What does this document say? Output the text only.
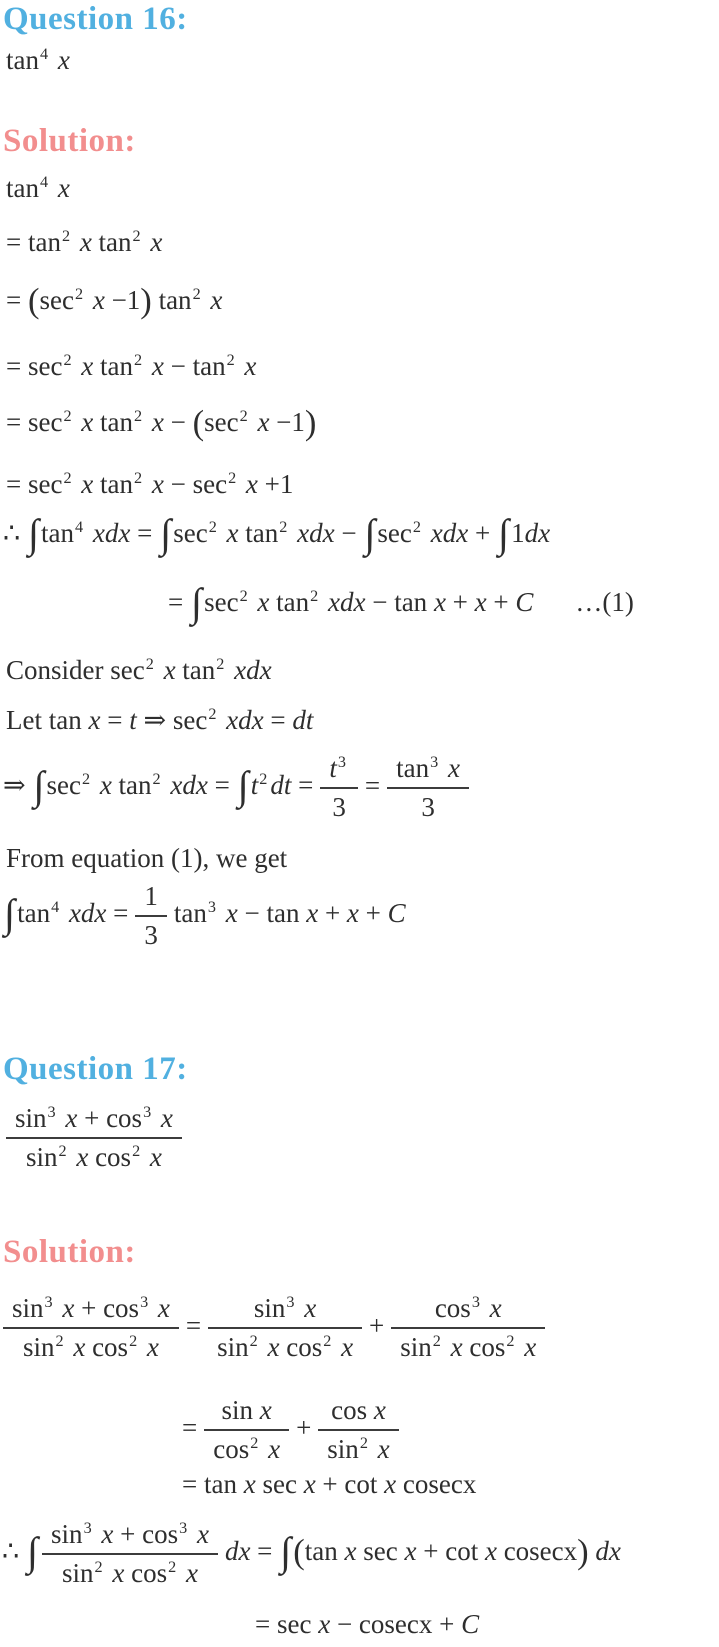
Question 16:
$\tan^4 x$
Solution:
$\tan^4 x$
= $\tan^2 x$ $\tan^2 x$
= ($\sec^2$ x −1) $\tan^2 x$
= $\sec^2 x$ $\tan^2 x - \tan^2 x$
= $\sec^2 x$ $\tan^2 x - (\sec^2$ x −1)
= $\sec^2 x$ $\tan^2 x - \sec^2 x +1$
∴ $\int\tan^4$ xdx = $\int\sec^2$ x $\tan^2$ xdx − $\int\sec^2$ xdx + ∫1dx
= $\int\sec^2$ x $\tan^2$ xdx − tan x + x + C …(1)
Consider $\sec^2 x$ $\tan^2$ xdx
Let tan x = t ⇒ $\sec^2$ xdx = dt
⇒ $\int\sec^2$ x $\tan^2$ xdx = $\int t^2$ dt = $\frac{t^3}{3} = \frac{\tan^3 x}{3}$
From equation (1), we get
$\int\tan^4$ xdx = $\frac{1}{3} \tan^3 x - \tan x + x + C$
Question 17:
$\frac{\sin^3 x + \cos^3 x}{\sin^2 x \cos^2 x}$
Solution:
$\frac{\sin^3 x + \cos^3 x}{\sin^2 x \cos^2 x} = \frac{\sin^3 x}{\sin^2 x \cos^2 x} + \frac{\cos^3 x}{\sin^2 x \cos^2 x}$
= $\frac{\text{sin x}}{\cos^2 x} + \frac{\text{cos x}}{\sin^2 x}$
= tan x sec x + cot x cosecx
∴ ∫ $\frac{\sin^3 x + \cos^3 x}{\sin^2 x \cos^2 x}$ dx = ∫(tan x sec x + cot x cosecx) dx
= sec x − cosecx + C
